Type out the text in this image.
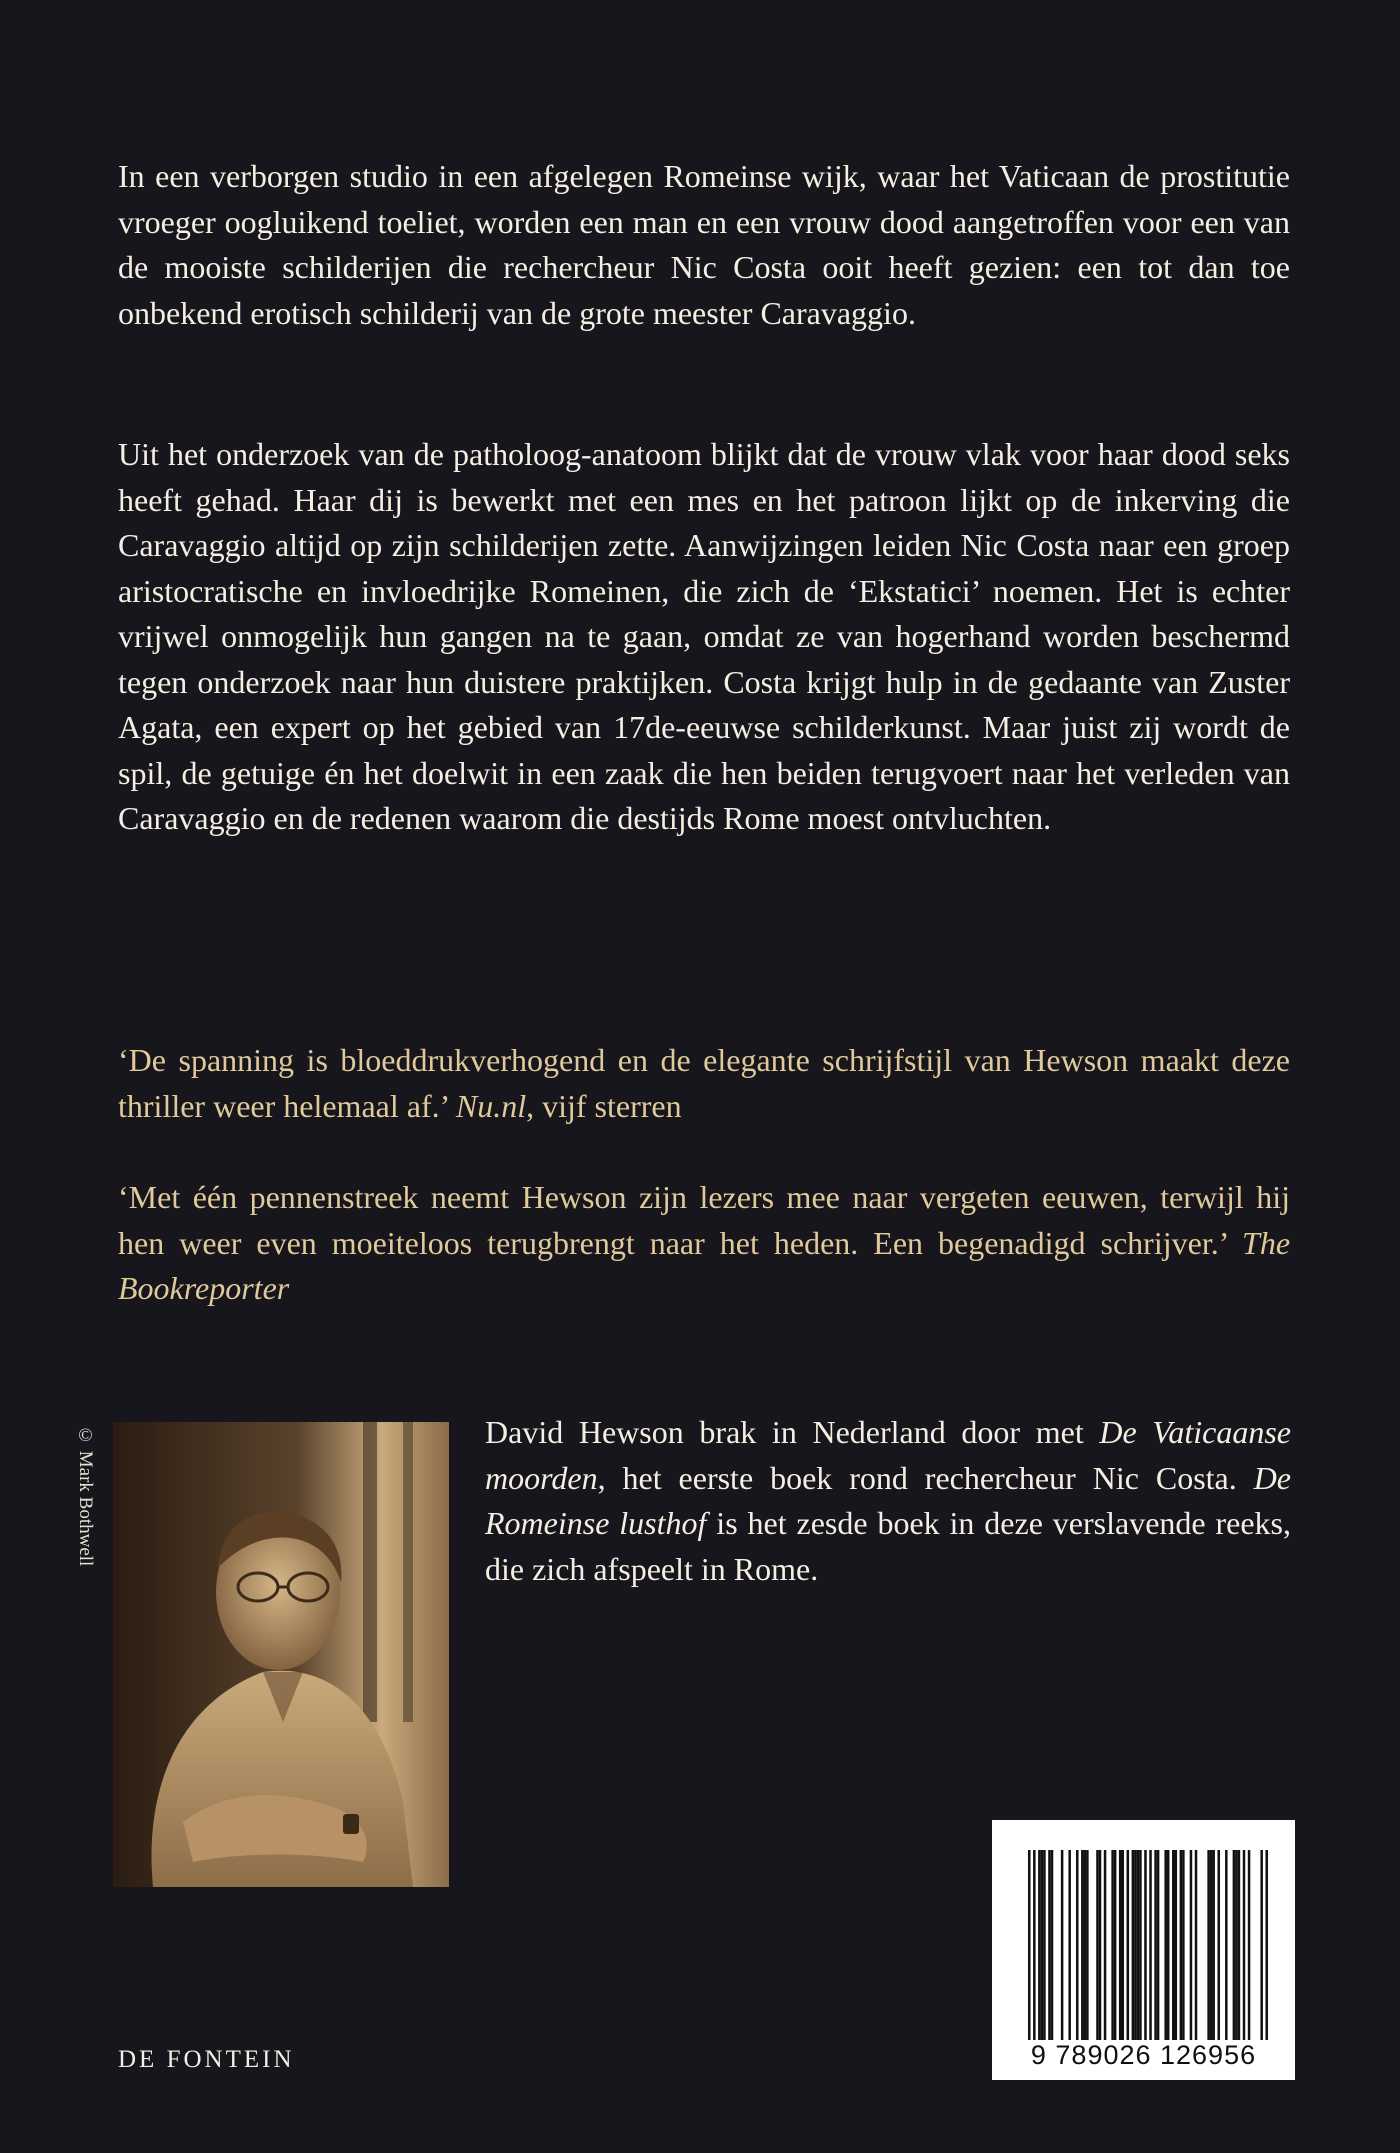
In een verborgen studio in een afgelegen Romeinse wijk, waar het Vaticaan de prostitutie vroeger oogluikend toeliet, worden een man en een vrouw dood aangetroffen voor een van de mooiste schilderijen die rechercheur Nic Costa ooit heeft gezien: een tot dan toe onbekend erotisch schilderij van de grote meester Caravaggio.

Uit het onderzoek van de patholoog-anatoom blijkt dat de vrouw vlak voor haar dood seks heeft gehad. Haar dij is bewerkt met een mes en het patroon lijkt op de inkerving die Caravaggio altijd op zijn schilderijen zette. Aanwijzingen leiden Nic Costa naar een groep aristocratische en invloedrijke Romeinen, die zich de ‘Ekstatici’ noemen. Het is echter vrijwel onmogelijk hun gangen na te gaan, omdat ze van hogerhand worden beschermd tegen onderzoek naar hun duistere praktijken. Costa krijgt hulp in de gedaante van Zuster Agata, een expert op het gebied van 17de-eeuwse schilderkunst. Maar juist zij wordt de spil, de getuige én het doelwit in een zaak die hen beiden terugvoert naar het verleden van Caravaggio en de redenen waarom die destijds Rome moest ontvluchten.

‘De spanning is bloeddrukverhogend en de elegante schrijfstijl van Hewson maakt deze thriller weer helemaal af.’ Nu.nl, vijf sterren
‘Met één pennenstreek neemt Hewson zijn lezers mee naar vergeten eeuwen, terwijl hij hen weer even moeiteloos terugbrengt naar het heden. Een begenadigd schrijver.’ The Bookreporter
© Mark Bothwell	David Hewson brak in Nederland door met De Vaticaanse moorden, het eerste boek rond rechercheur Nic Costa. De Romeinse lusthof is het zesde boek in deze verslavende reeks, die zich afspeelt in Rome.

9 789026 126956
DE FONTEIN
